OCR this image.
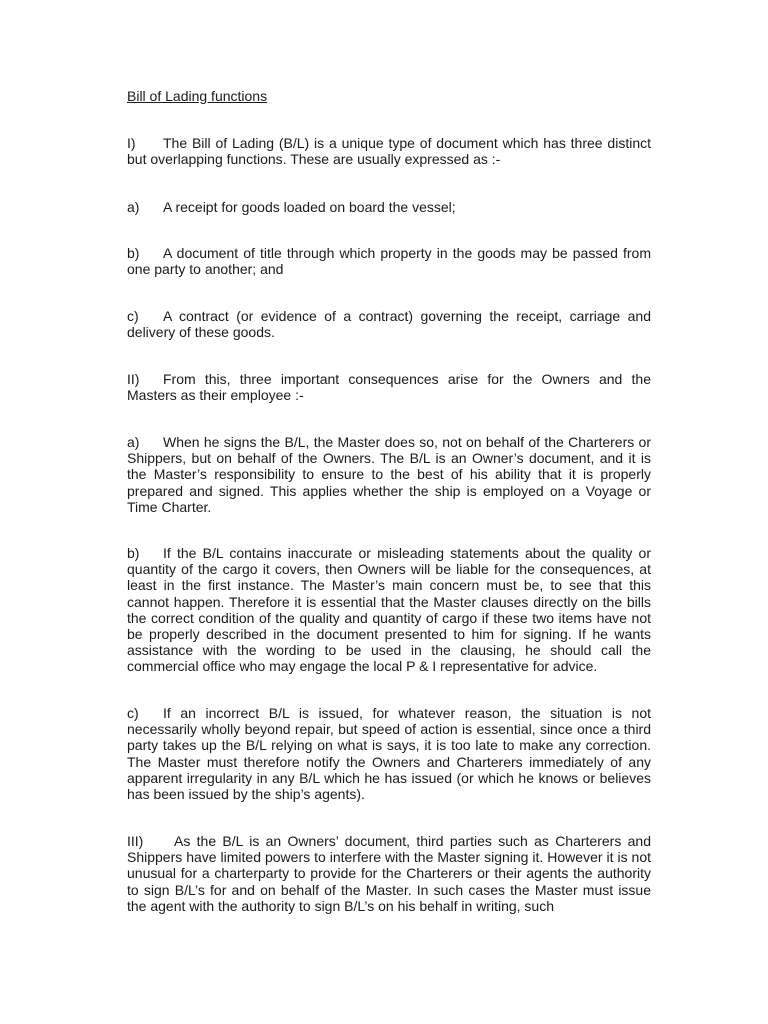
Bill of Lading functions

I) The Bill of Lading (B/L) is a unique type of document which has three distinct but overlapping functions. These are usually expressed as :-

a) A receipt for goods loaded on board the vessel;

b) A document of title through which property in the goods may be passed from one party to another; and

c) A contract (or evidence of a contract) governing the receipt, carriage and delivery of these goods.

II) From this, three important consequences arise for the Owners and the Masters as their employee :-

a) When he signs the B/L, the Master does so, not on behalf of the Charterers or Shippers, but on behalf of the Owners. The B/L is an Owner’s document, and it is the Master’s responsibility to ensure to the best of his ability that it is properly prepared and signed. This applies whether the ship is employed on a Voyage or Time Charter.

b) If the B/L contains inaccurate or misleading statements about the quality or quantity of the cargo it covers, then Owners will be liable for the consequences, at least in the first instance. The Master’s main concern must be, to see that this cannot happen. Therefore it is essential that the Master clauses directly on the bills the correct condition of the quality and quantity of cargo if these two items have not be properly described in the document presented to him for signing. If he wants assistance with the wording to be used in the clausing, he should call the commercial office who may engage the local P & I representative for advice.

c) If an incorrect B/L is issued, for whatever reason, the situation is not necessarily wholly beyond repair, but speed of action is essential, since once a third party takes up the B/L relying on what is says, it is too late to make any correction. The Master must therefore notify the Owners and Charterers immediately of any apparent irregularity in any B/L which he has issued (or which he knows or believes has been issued by the ship’s agents).

III) As the B/L is an Owners’ document, third parties such as Charterers and Shippers have limited powers to interfere with the Master signing it. However it is not unusual for a charterparty to provide for the Charterers or their agents the authority to sign B/L’s for and on behalf of the Master. In such cases the Master must issue the agent with the authority to sign B/L’s on his behalf in writing, such
